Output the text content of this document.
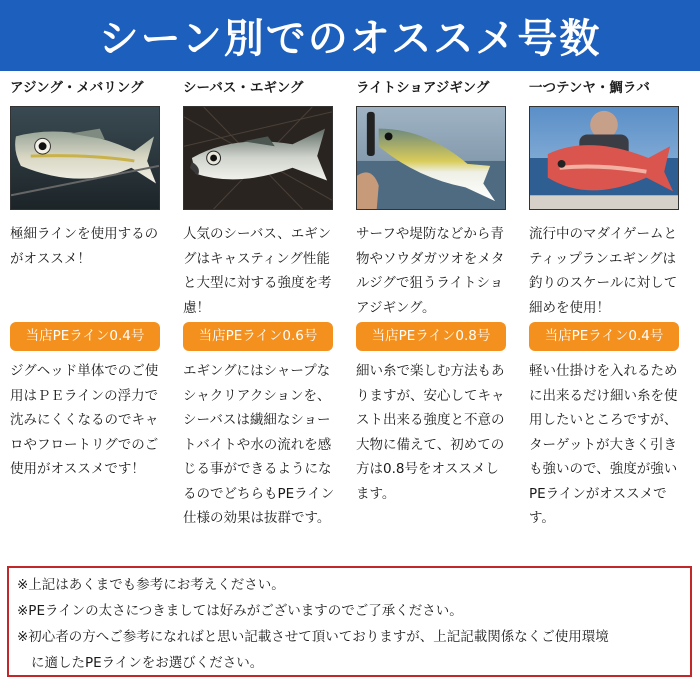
シーン別でのオススメ号数
アジング・メバリング
極細ラインを使用するのがオススメ！
当店PEライン0.4号
ジグヘッド単体でのご使用はＰＥラインの浮力で沈みにくくなるのでキャロやフロートリグでのご使用がオススメです！
シーバス・エギング
人気のシーバス、エギングはキャスティング性能と大型に対する強度を考慮！
当店PEライン0.6号
エギングにはシャープなシャクリアクションを、シーバスは繊細なショートバイトや水の流れを感じる事ができるようになるのでどちらもPEライン仕様の効果は抜群です。
ライトショアジギング
サーフや堤防などから青物やソウダガツオをメタルジグで狙うライトショアジギング。
当店PEライン0.8号
細い糸で楽しむ方法もありますが、安心してキャスト出来る強度と不意の大物に備えて、初めての方は0.8号をオススメします。
一つテンヤ・鯛ラバ
流行中のマダイゲームとティップランエギングは釣りのスケールに対して細めを使用！
当店PEライン0.4号
軽い仕掛けを入れるために出来るだけ細い糸を使用したいところですが、ターゲットが大きく引きも強いので、強度が強いPEラインがオススメです。
※上記はあくまでも参考にお考えください。
※PEラインの太さにつきましては好みがございますのでご了承ください。
※初心者の方へご参考になればと思い記載させて頂いておりますが、上記記載関係なくご使用環境
に適したPEラインをお選びください。
